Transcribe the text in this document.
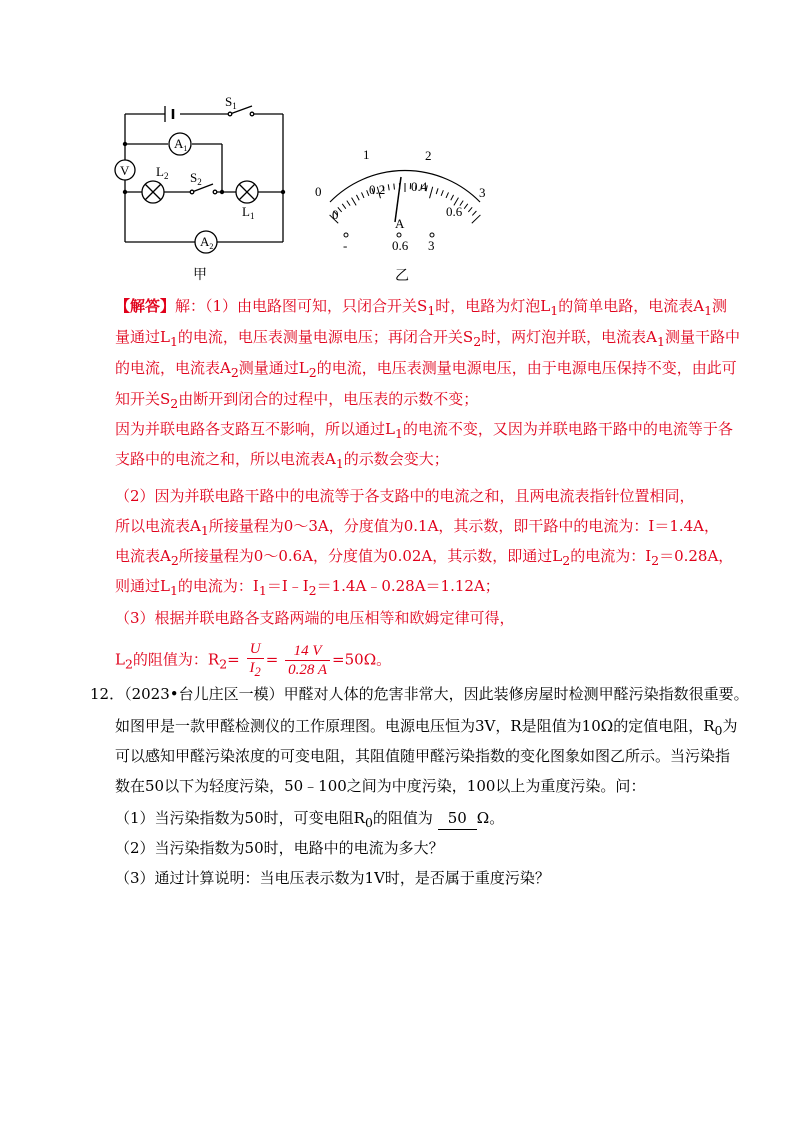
$S_1$
V
$A_1$
$A_2$
$L_2$ $S_2$
$L_1$
甲
0
1	2
3
0
0.2 0.4
0.6
A
-	0.6 3
乙
【解答】解：（1）由电路图可知，只闭合开关$S_1$时，电路为灯泡$L_1$的简单电路，电流表$A_1$测
量通过$L_1$的电流，电压表测量电源电压；再闭合开关$S_2$时，两灯泡并联，电流表$A_1$测量干路中
的电流，电流表$A_2$测量通过$L_2$的电流，电压表测量电源电压，由于电源电压保持不变，由此可
知开关$S_2$由断开到闭合的过程中，电压表的示数不变；
因为并联电路各支路互不影响，所以通过$L_1$的电流不变，又因为并联电路干路中的电流等于各
支路中的电流之和，所以电流表$A_1$的示数会变大；
（2）因为并联电路干路中的电流等于各支路中的电流之和，且两电流表指针位置相同，
所以电流表$A_1$所接量程为0～3A，分度值为0.1A，其示数，即干路中的电流为：I＝1.4A，
电流表$A_2$所接量程为0～0.6A，分度值为0.02A，其示数，即通过$L_2$的电流为：$I_2=0.28A$，
则通过$L_1$的电流为：$I_1=I﹣I_2=1.4A﹣0.28A=1.12A$；
（3）根据并联电路各支路两端的电压相等和欧姆定律可得，
$L_2$的阻值为：$R_2= \frac{U}{I_2} = \frac{14 V}{0.28 A} =50\Omega$。
12．（2023•台儿庄区一模）甲醛对人体的危害非常大，因此装修房屋时检测甲醛污染指数很重要。
如图甲是一款甲醛检测仪的工作原理图。电源电压恒为3V，R是阻值为10Ω的定值电阻，$R_0$为
可以感知甲醛污染浓度的可变电阻，其阻值随甲醛污染指数的变化图象如图乙所示。当污染指
数在50以下为轻度污染，50﹣100之间为中度污染，100以上为重度污染。问：
（1）当污染指数为50时，可变电阻$R_0$的阻值为 50 Ω。
（2）当污染指数为50时，电路中的电流为多大？
（3）通过计算说明：当电压表示数为1V时，是否属于重度污染？
